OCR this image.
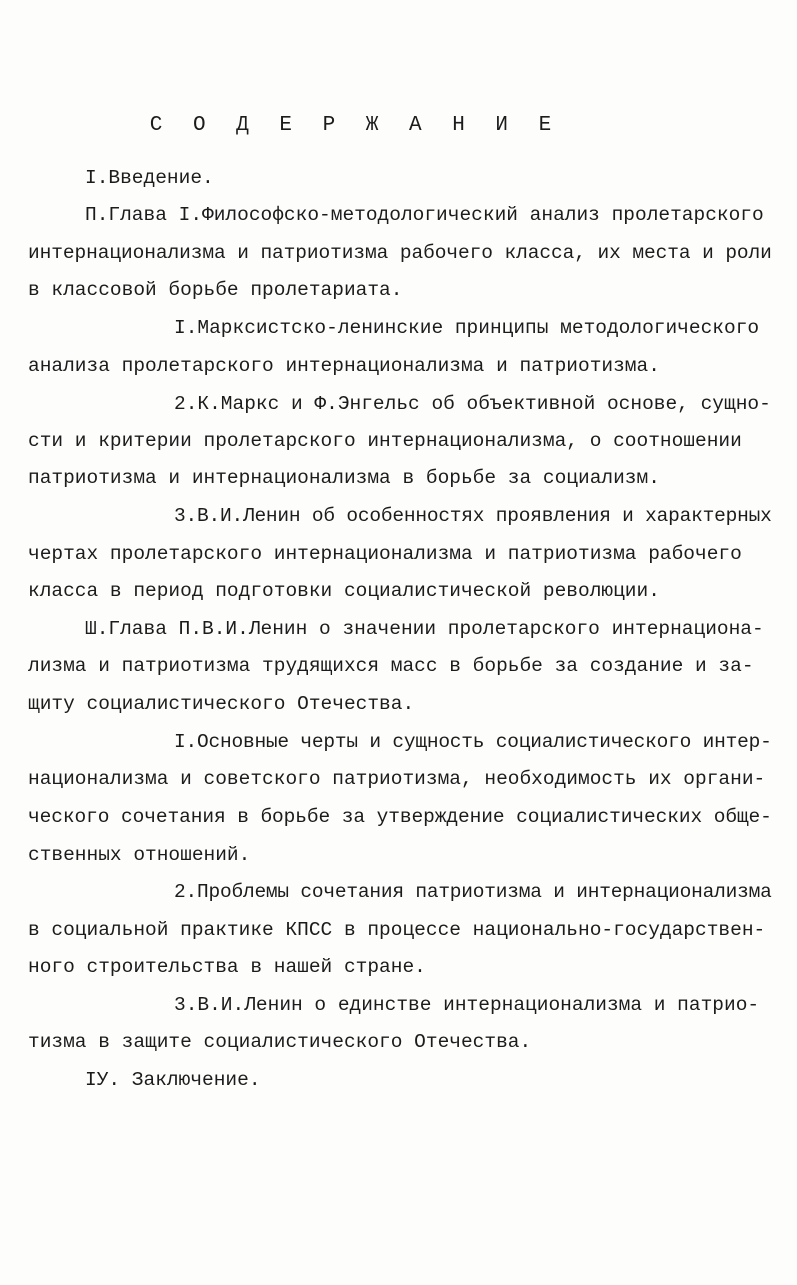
С О Д Е Р Ж А Н И Е
I.Введение.
П.Глава I.Философско-методологический анализ пролетарского
интернационализма и патриотизма рабочего класса, их места и роли
в классовой борьбе пролетариата.
I.Марксистско-ленинские принципы методологического
анализа пролетарского интернационализма и патриотизма.
2.К.Маркс и Ф.Энгельс об объективной основе, сущно-
сти и критерии пролетарского интернационализма, о соотношении
патриотизма и интернационализма в борьбе за социализм.
3.В.И.Ленин об особенностях проявления и характерных
чертах пролетарского интернационализма и патриотизма рабочего
класса в период подготовки социалистической революции.
Ш.Глава П.В.И.Ленин о значении пролетарского интернациона-
лизма и патриотизма трудящихся масс в борьбе за создание и за-
щиту социалистического Отечества.
I.Основные черты и сущность социалистического интер-
национализма и советского патриотизма, необходимость их органи-
ческого сочетания в борьбе за утверждение социалистических обще-
ственных отношений.
2.Проблемы сочетания патриотизма и интернационализма
в социальной практике КПСС в процессе национально-государствен-
ного строительства в нашей стране.
3.В.И.Ленин о единстве интернационализма и патрио-
тизма в защите социалистического Отечества.
IУ. Заключение.
